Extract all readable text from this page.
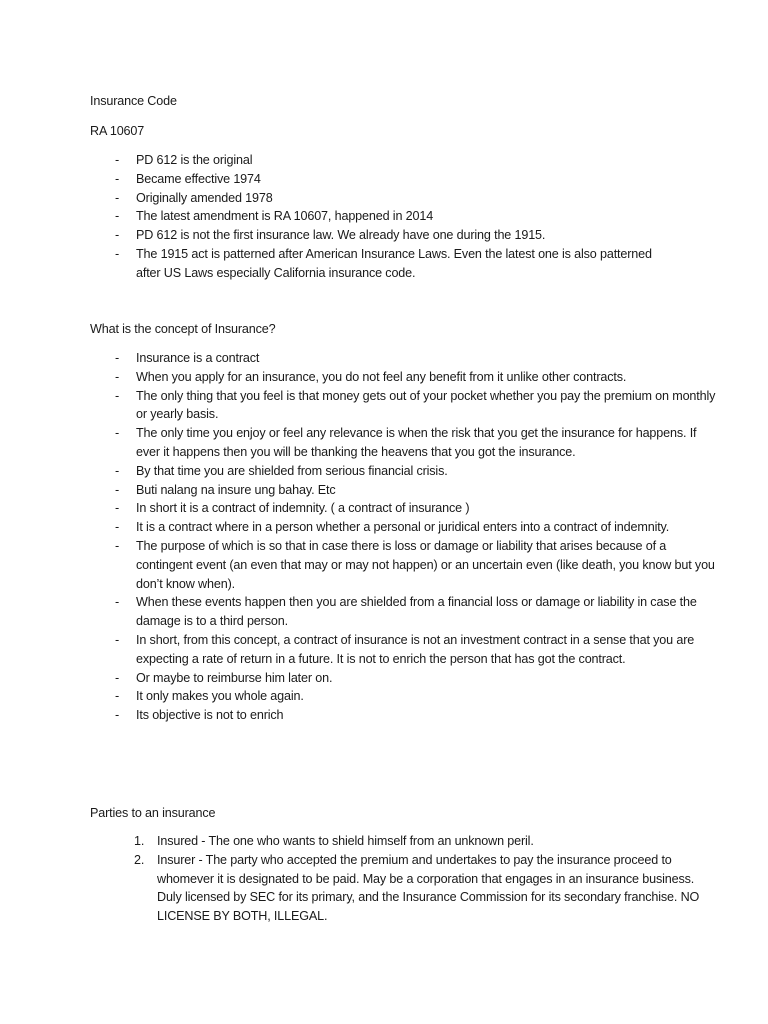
Insurance Code
RA 10607
- PD 612 is the original
- Became effective 1974
- Originally amended 1978
- The latest amendment is RA 10607, happened in 2014
- PD 612 is not the first insurance law. We already have one during the 1915.
- The 1915 act is patterned after American Insurance Laws. Even the latest one is also patterned after US Laws especially California insurance code.
What is the concept of Insurance?
- Insurance is a contract
- When you apply for an insurance, you do not feel any benefit from it unlike other contracts.
- The only thing that you feel is that money gets out of your pocket whether you pay the premium on monthly or yearly basis.
- The only time you enjoy or feel any relevance is when the risk that you get the insurance for happens. If ever it happens then you will be thanking the heavens that you got the insurance.
- By that time you are shielded from serious financial crisis.
- Buti nalang na insure ung bahay. Etc
- In short it is a contract of indemnity. ( a contract of insurance )
- It is a contract where in a person whether a personal or juridical enters into a contract of indemnity.
- The purpose of which is so that in case there is loss or damage or liability that arises because of a contingent event (an even that may or may not happen) or an uncertain even (like death, you know but you don’t know when).
- When these events happen then you are shielded from a financial loss or damage or liability in case the damage is to a third person.
- In short, from this concept, a contract of insurance is not an investment contract in a sense that you are expecting a rate of return in a future. It is not to enrich the person that has got the contract.
- Or maybe to reimburse him later on.
- It only makes you whole again.
- Its objective is not to enrich
Parties to an insurance
1. Insured - The one who wants to shield himself from an unknown peril.
2. Insurer - The party who accepted the premium and undertakes to pay the insurance proceed to whomever it is designated to be paid. May be a corporation that engages in an insurance business. Duly licensed by SEC for its primary, and the Insurance Commission for its secondary franchise. NO LICENSE BY BOTH, ILLEGAL.
